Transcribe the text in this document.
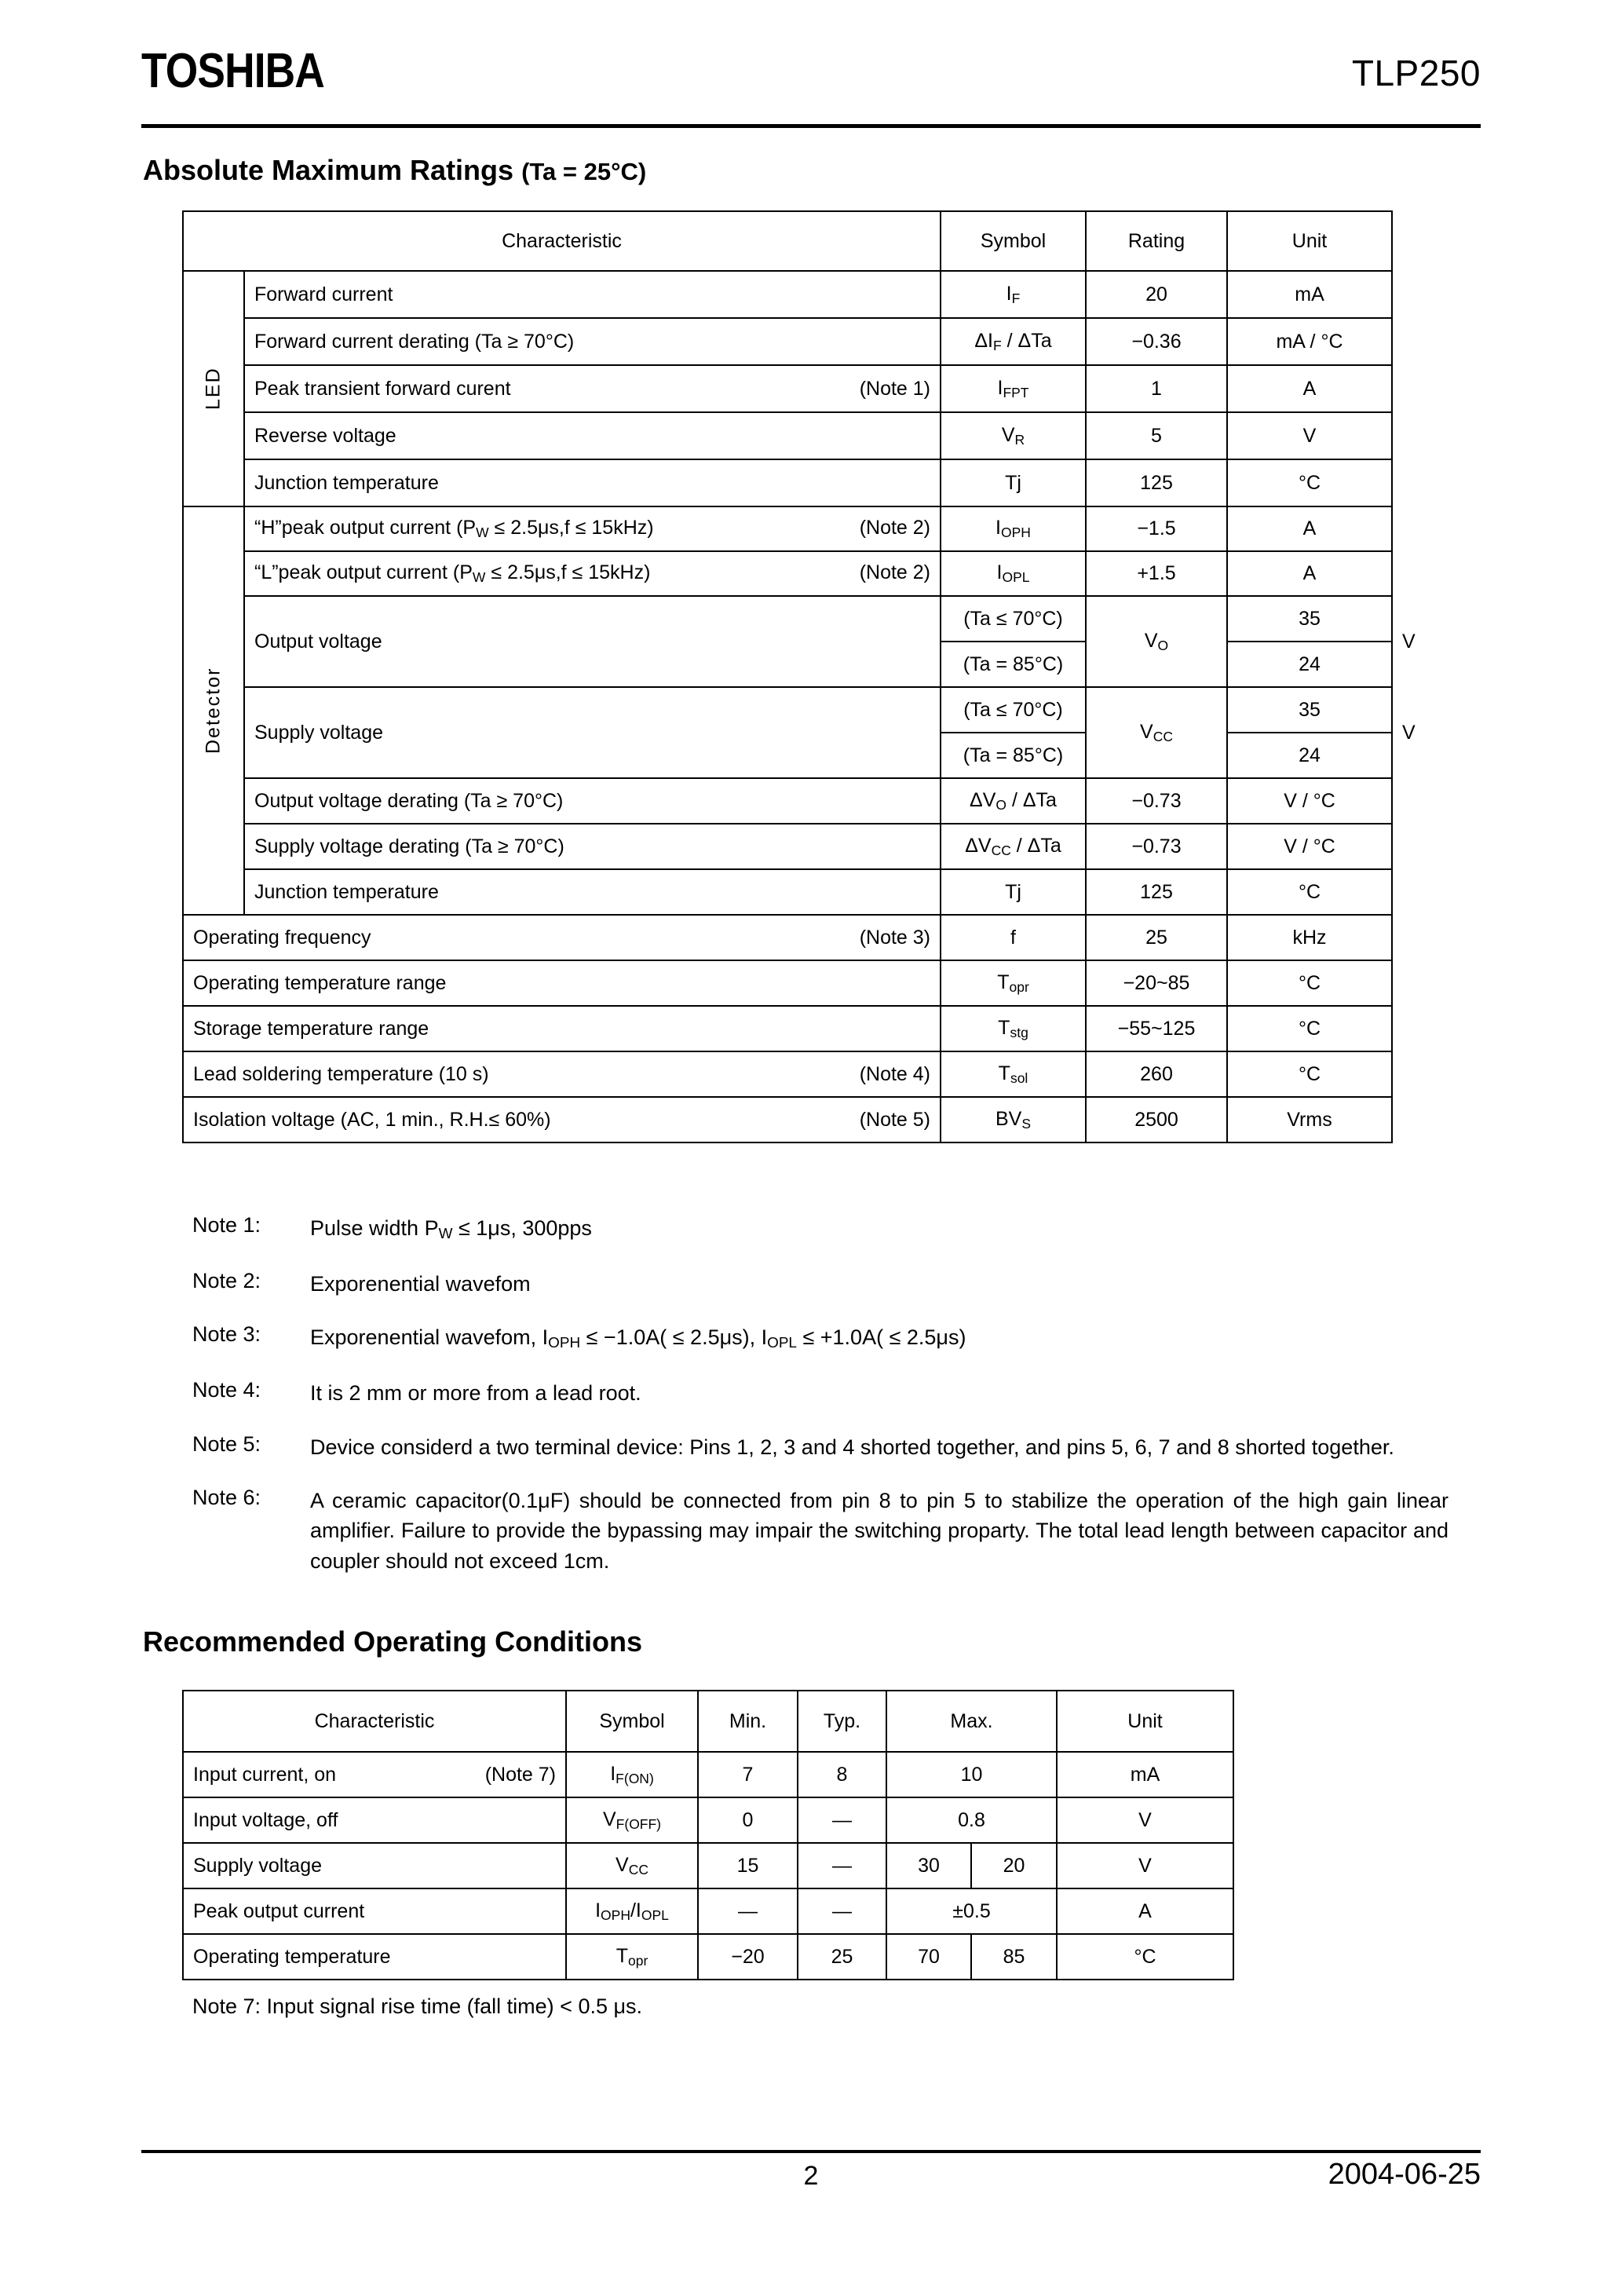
TOSHIBA	TLP250
Absolute Maximum Ratings (Ta = 25°C)
Characteristic		Symbol	Rating	Unit	
LED	Forward current	$I_F$	20	mA	
	Forward current derating (Ta ≥ 70°C)	$\Delta I_F$ / ΔTa	−0.36	mA / °C	
	Peak transient forward curent (Note 1)	$I_{FPT}$	1	A	
	Reverse voltage	$V_R$	5	V	
	Junction temperature	Tj	125	°C	
Detector	“H”peak output current $(P_W \le 2.5\mu s,f \le 15kHz)$ (Note 2)	$I_{OPH}$	−1.5	A	
	“L”peak output current $(P_W \le 2.5\mu s,f \le 15kHz)$ (Note 2)	$I_{OPL}$	+1.5	A	
	Output voltage	(Ta ≤ 70°C)	$V_O$	35	V
		(Ta = 85°C)		24	
	Supply voltage	(Ta ≤ 70°C)	$V_{CC}$	35	V
		(Ta = 85°C)		24	
	Output voltage derating (Ta ≥ 70°C)	$\Delta V_O$ / ΔTa	−0.73	V / °C	
	Supply voltage derating (Ta ≥ 70°C)	$\Delta V_{CC}$ / ΔTa	−0.73	V / °C	
	Junction temperature	Tj	125	°C	
Operating frequency (Note 3)		f	25	kHz	
Operating temperature range		$T_{opr}$	−20~85	°C	
Storage temperature range		$T_{stg}$	−55~125	°C	
Lead soldering temperature (10 s) (Note 4)		$T_{sol}$	260	°C	
Isolation voltage (AC, 1 min., R.H.≤ 60%) (Note 5)		$BV_S$	2500	Vrms	
Note 1:	Pulse width $P_W \le 1\mu s$, 300pps
Note 2:	Exporenential wavefom
Note 3:	Exporenential wavefom, $I_{OPH} \le -1.0A( \le 2.5\mu s)$, $I_{OPL} \le +1.0A( \le 2.5\mu s)$
Note 4:	It is 2 mm or more from a lead root.
Note 5:	Device considerd a two terminal device: Pins 1, 2, 3 and 4 shorted together, and pins 5, 6, 7 and 8 shorted together.
Note 6:	A ceramic capacitor(0.1μF) should be connected from pin 8 to pin 5 to stabilize the operation of the high gain linear amplifier. Failure to provide the bypassing may impair the switching proparty. The total lead length between capacitor and coupler should not exceed 1cm.
Recommended Operating Conditions
Characteristic	Symbol	Min.	Typ.	Max.		Unit
Input current, on (Note 7)	$I_{F(ON)}$	7	8	10		mA
Input voltage, off	$V_{F(OFF)}$	0	—	0.8		V
Supply voltage	$V_{CC}$	15	—	30	20	V
Peak output current	$I_{OPH}/I_{OPL}$	—	—	±0.5		A
Operating temperature	$T_{opr}$	−20	25	70	85	°C
Note 7: Input signal rise time (fall time) < 0.5 μs.
2	2004-06-25
